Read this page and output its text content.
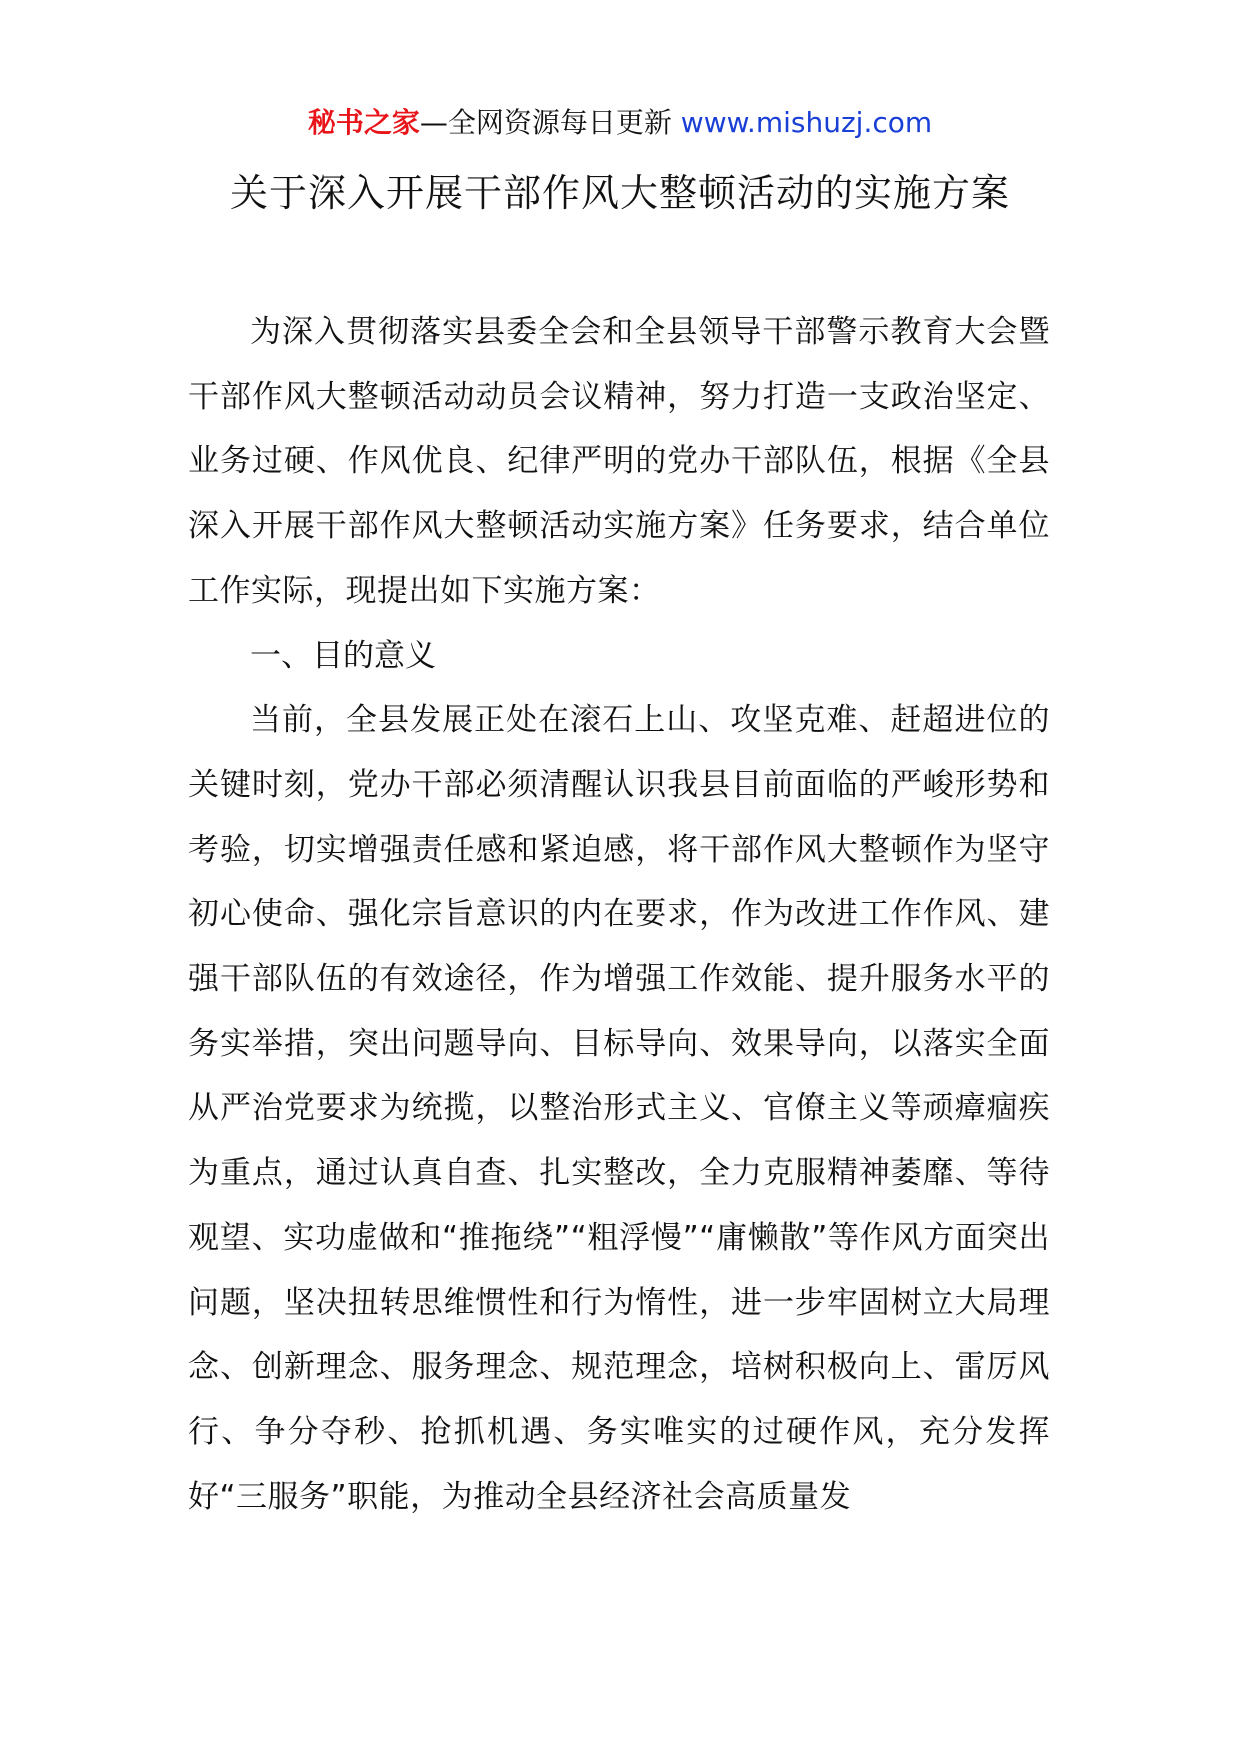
秘书之家—全网资源每日更新 www.mishuzj.com
关于深入开展干部作风大整顿活动的实施方案

为深入贯彻落实县委全会和全县领导干部警示教育大会暨干部作风大整顿活动动员会议精神，努力打造一支政治坚定、业务过硬、作风优良、纪律严明的党办干部队伍，根据《全县深入开展干部作风大整顿活动实施方案》任务要求，结合单位工作实际，现提出如下实施方案：

一、目的意义

当前，全县发展正处在滚石上山、攻坚克难、赶超进位的关键时刻，党办干部必须清醒认识我县目前面临的严峻形势和考验，切实增强责任感和紧迫感，将干部作风大整顿作为坚守初心使命、强化宗旨意识的内在要求，作为改进工作作风、建强干部队伍的有效途径，作为增强工作效能、提升服务水平的务实举措，突出问题导向、目标导向、效果导向，以落实全面从严治党要求为统揽，以整治形式主义、官僚主义等顽瘴痼疾为重点，通过认真自查、扎实整改，全力克服精神萎靡、等待观望、实功虚做和“推拖绕”“粗浮慢”“庸懒散”等作风方面突出问题，坚决扭转思维惯性和行为惰性，进一步牢固树立大局理念、创新理念、服务理念、规范理念，培树积极向上、雷厉风行、争分夺秒、抢抓机遇、务实唯实的过硬作风，充分发挥好“三服务”职能，为推动全县经济社会高质量发
